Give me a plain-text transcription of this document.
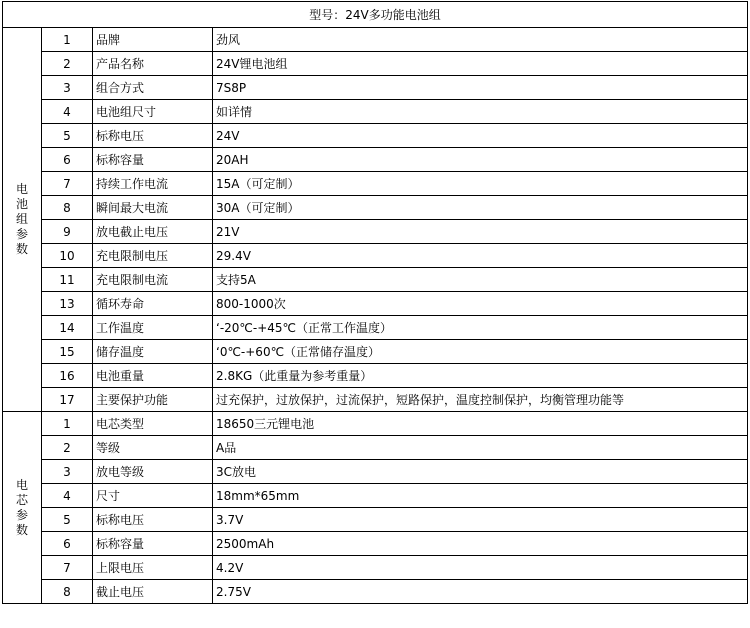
型号：24V多功能电池组			

电
池
组
参
数	1	品牌	劲风
	2	产品名称	24V锂电池组
	3	组合方式	7S8P
	4	电池组尺寸	如详情
	5	标称电压	24V
	6	标称容量	20AH
	7	持续工作电流	15A（可定制）
	8	瞬间最大电流	30A（可定制）
	9	放电截止电压	21V
	10	充电限制电压	29.4V
	11	充电限制电流	支持5A
	13	循环寿命	800-1000次
	14	工作温度	‘-20℃-+45℃（正常工作温度）
	15	储存温度	‘0℃-+60℃（正常储存温度）
	16	电池重量	2.8KG（此重量为参考重量）
	17	主要保护功能	过充保护，过放保护，过流保护，短路保护，温度控制保护，均衡管理功能等

电
芯
参
数	1	电芯类型	18650三元锂电池
	2	等级	A品
	3	放电等级	3C放电
	4	尺寸	18mm*65mm
	5	标称电压	3.7V
	6	标称容量	2500mAh
	7	上限电压	4.2V
	8	截止电压	2.75V
